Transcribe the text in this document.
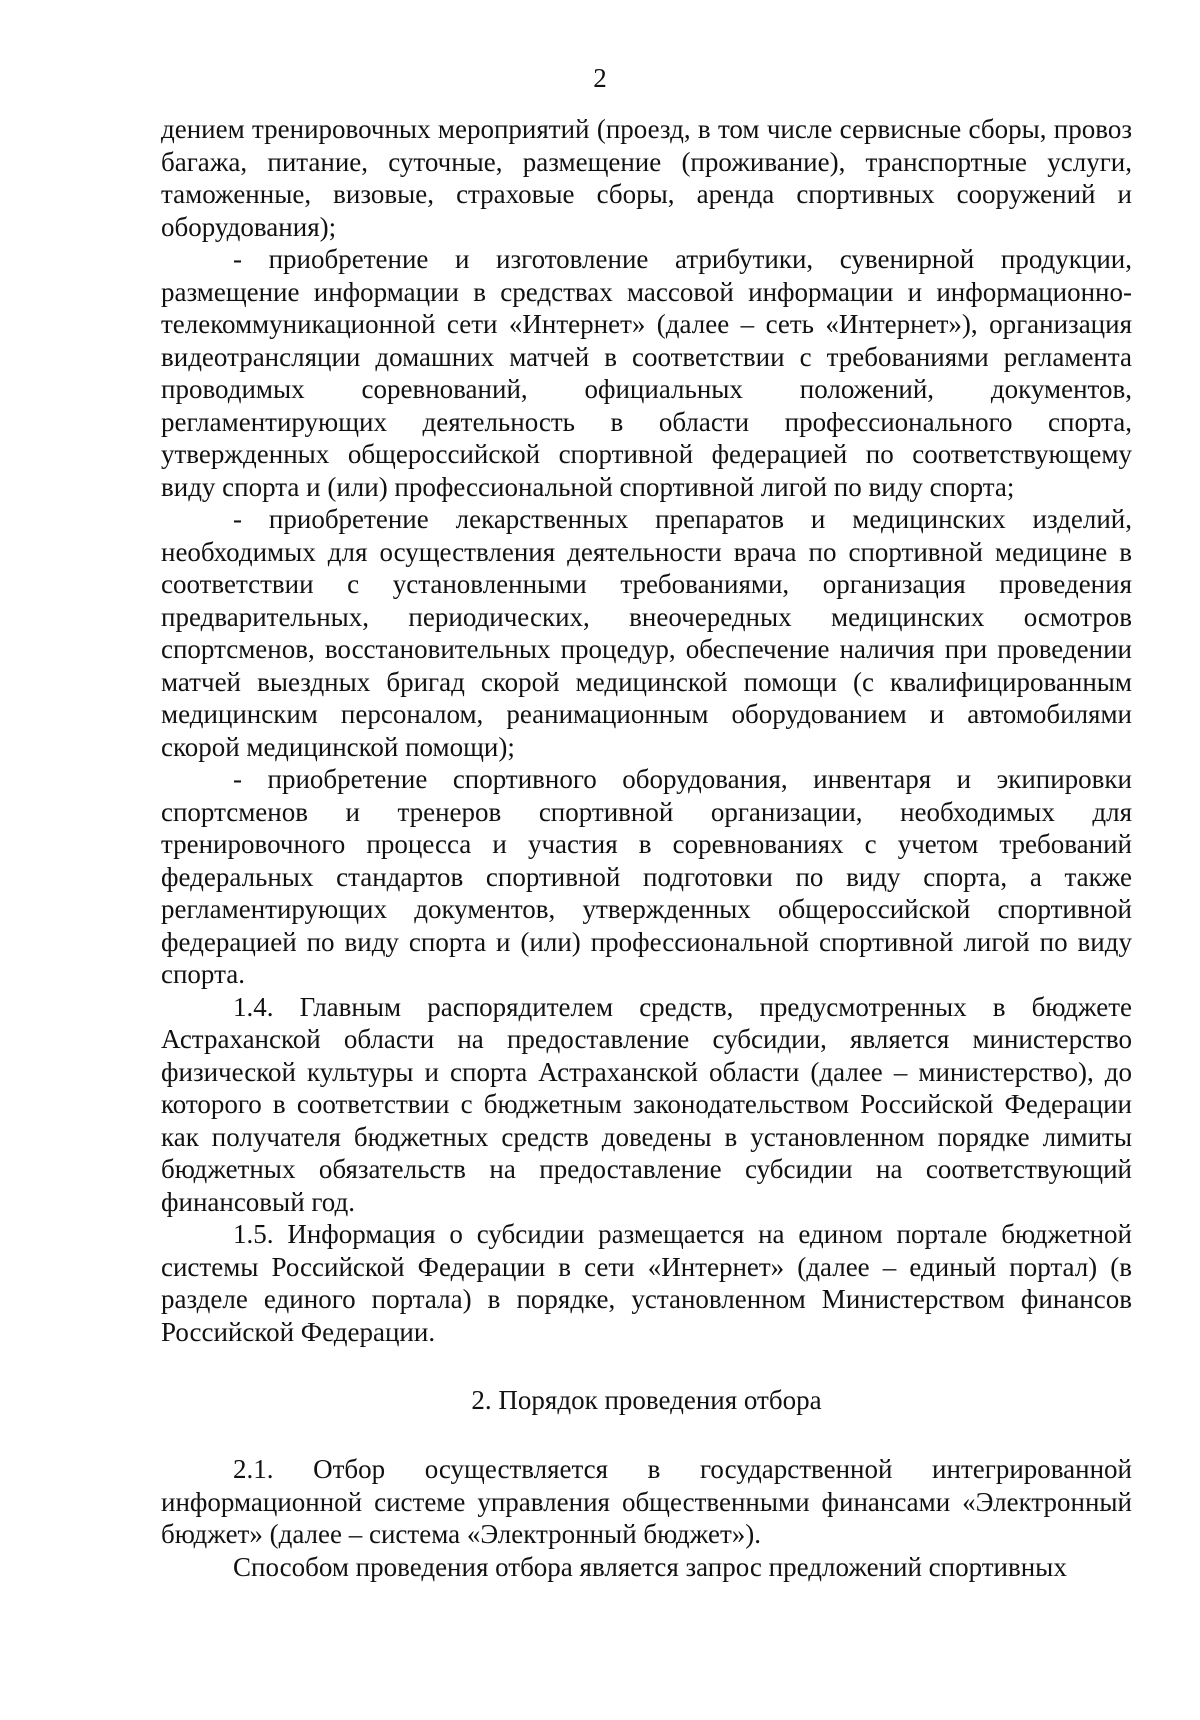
2

дением тренировочных мероприятий (проезд, в том числе сервисные сборы, провоз багажа, питание, суточные, размещение (проживание), транспортные услуги, таможенные, визовые, страховые сборы, аренда спортивных сооружений и оборудования);

- приобретение и изготовление атрибутики, сувенирной продукции, размещение информации в средствах массовой информации и информационно-телекоммуникационной сети «Интернет» (далее – сеть «Интернет»), организация видеотрансляции домашних матчей в соответствии с требованиями регламента проводимых соревнований, официальных положений, документов, регламентирующих деятельность в области профессионального спорта, утвержденных общероссийской спортивной федерацией по соответствующему виду спорта и (или) профессиональной спортивной лигой по виду спорта;

- приобретение лекарственных препаратов и медицинских изделий, необходимых для осуществления деятельности врача по спортивной медицине в соответствии с установленными требованиями, организация проведения предварительных, периодических, внеочередных медицинских осмотров спортсменов, восстановительных процедур, обеспечение наличия при проведении матчей выездных бригад скорой медицинской помощи (с квалифицированным медицинским персоналом, реанимационным оборудованием и автомобилями скорой медицинской помощи);

- приобретение спортивного оборудования, инвентаря и экипировки спортсменов и тренеров спортивной организации, необходимых для тренировочного процесса и участия в соревнованиях с учетом требований федеральных стандартов спортивной подготовки по виду спорта, а также регламентирующих документов, утвержденных общероссийской спортивной федерацией по виду спорта и (или) профессиональной спортивной лигой по виду спорта.

1.4. Главным распорядителем средств, предусмотренных в бюджете Астраханской области на предоставление субсидии, является министерство физической культуры и спорта Астраханской области (далее – министерство), до которого в соответствии с бюджетным законодательством Российской Федерации как получателя бюджетных средств доведены в установленном порядке лимиты бюджетных обязательств на предоставление субсидии на соответствующий финансовый год.

1.5. Информация о субсидии размещается на едином портале бюджетной системы Российской Федерации в сети «Интернет» (далее – единый портал) (в разделе единого портала) в порядке, установленном Министерством финансов Российской Федерации.

2. Порядок проведения отбора

2.1. Отбор осуществляется в государственной интегрированной информационной системе управления общественными финансами «Электронный бюджет» (далее – система «Электронный бюджет»).

Способом проведения отбора является запрос предложений спортивных
